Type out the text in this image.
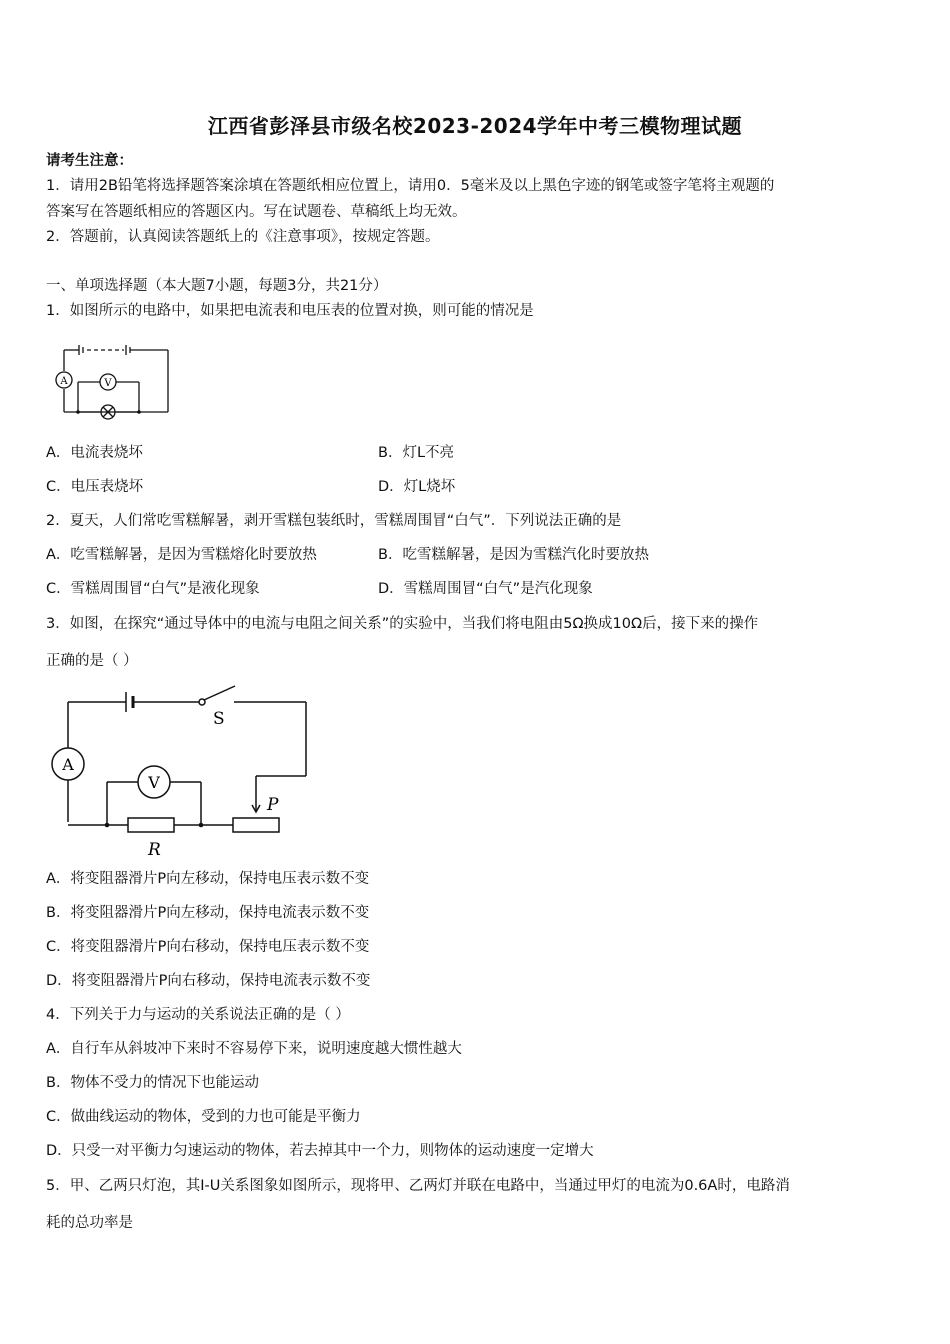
江西省彭泽县市级名校2023-2024学年中考三模物理试题
请考生注意：
1．请用2B铅笔将选择题答案涂填在答题纸相应位置上，请用0．5毫米及以上黑色字迹的钢笔或签字笔将主观题的
答案写在答题纸相应的答题区内。写在试题卷、草稿纸上均无效。
2．答题前，认真阅读答题纸上的《注意事项》，按规定答题。
一、单项选择题（本大题7小题，每题3分，共21分）
1．如图所示的电路中，如果把电流表和电压表的位置对换，则可能的情况是
A	V
A．电流表烧坏	B．灯L不亮
C．电压表烧坏	D．灯L烧坏
2．夏天，人们常吃雪糕解暑，剥开雪糕包装纸时，雪糕周围冒“白气”．下列说法正确的是
A．吃雪糕解暑，是因为雪糕熔化时要放热	B．吃雪糕解暑，是因为雪糕汽化时要放热
C．雪糕周围冒“白气”是液化现象	D．雪糕周围冒“白气”是汽化现象
3．如图，在探究“通过导体中的电流与电阻之间关系”的实验中，当我们将电阻由5Ω换成10Ω后，接下来的操作
正确的是（ ）
S
A
V
P
R
A．将变阻器滑片P向左移动，保持电压表示数不变
B．将变阻器滑片P向左移动，保持电流表示数不变
C．将变阻器滑片P向右移动，保持电压表示数不变
D．将变阻器滑片P向右移动，保持电流表示数不变
4．下列关于力与运动的关系说法正确的是（ ）
A．自行车从斜坡冲下来时不容易停下来，说明速度越大惯性越大
B．物体不受力的情况下也能运动
C．做曲线运动的物体，受到的力也可能是平衡力
D．只受一对平衡力匀速运动的物体，若去掉其中一个力，则物体的运动速度一定增大
5．甲、乙两只灯泡，其I-U关系图象如图所示，现将甲、乙两灯并联在电路中，当通过甲灯的电流为0.6A时，电路消
耗的总功率是
